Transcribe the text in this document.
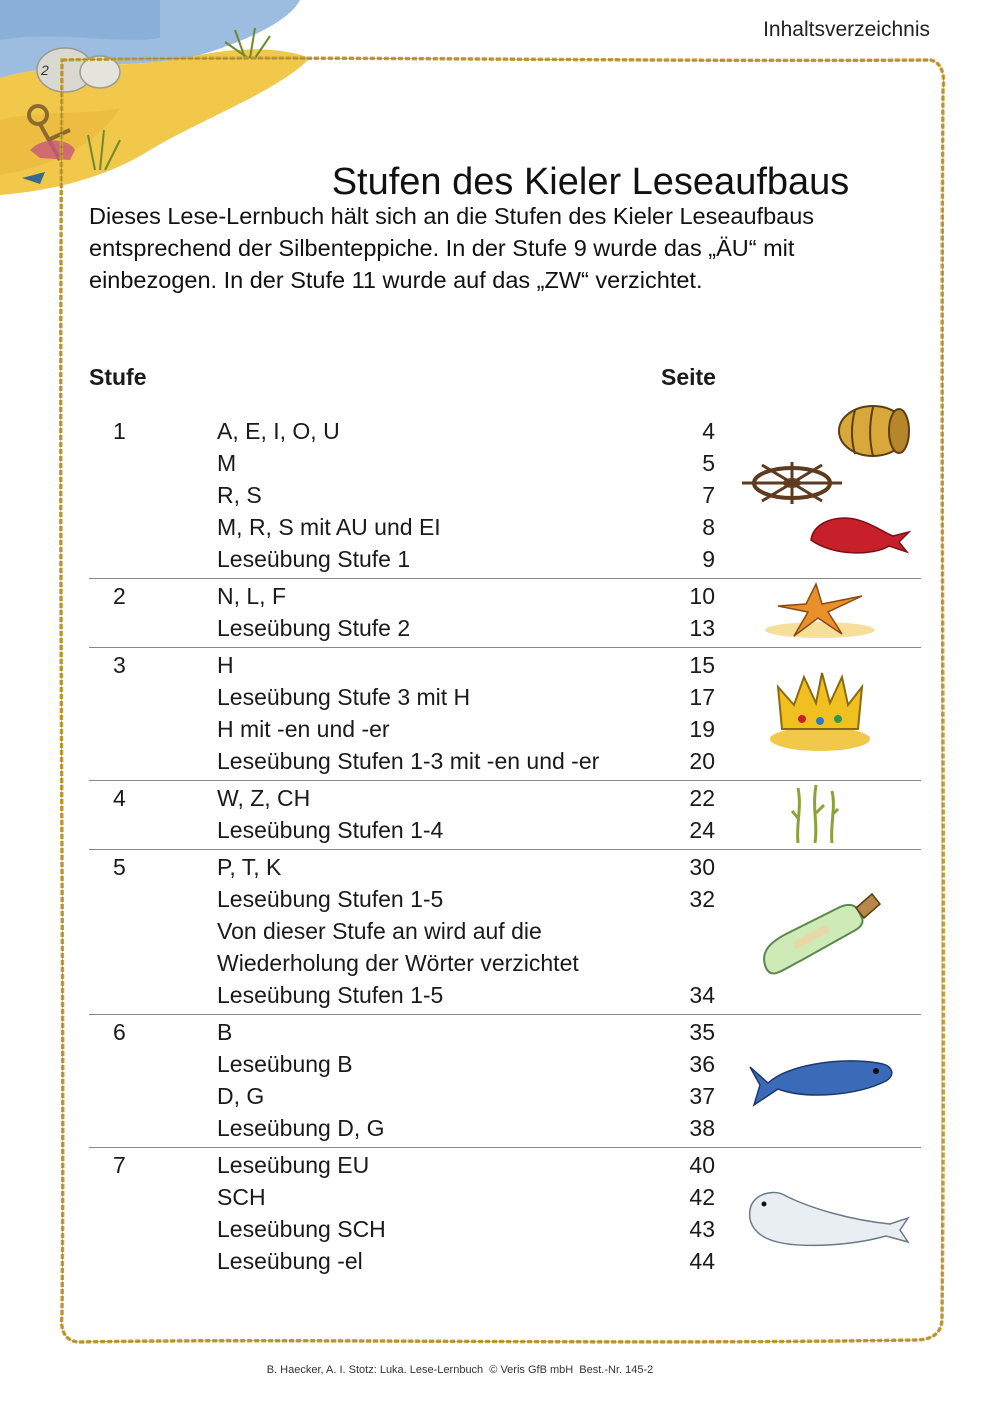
2
Inhaltsverzeichnis
Stufen des Kieler Leseaufbaus
Dieses Lese-Lernbuch hält sich an die Stufen des Kieler Leseaufbaus
entsprechend der Silbenteppiche. In der Stufe 9 wurde das „ÄU“ mit
einbezogen. In der Stufe 11 wurde auf das „ZW“ verzichtet.
Stufe	Seite
1	A, E, I, O, U	4
M	5
R, S	7
M, R, S mit AU und EI	8
Leseübung Stufe 1	9
2	N, L, F	10
Leseübung Stufe 2	13
3	H	15
Leseübung Stufe 3 mit H	17
H mit -en und -er	19
Leseübung Stufen 1-3 mit -en und -er	20
4	W, Z, CH	22
Leseübung Stufen 1-4	24
5	P, T, K	30
Leseübung Stufen 1-5	32
Von dieser Stufe an wird auf die
Wiederholung der Wörter verzichtet
Leseübung Stufen 1-5	34
6	B	35
Leseübung B	36
D, G	37
Leseübung D, G	38
7	Leseübung EU	40
SCH	42
Leseübung SCH	43
Leseübung -el	44
B. Haecker, A. I. Stotz: Luka. Lese-Lernbuch  © Veris GfB mbH  Best.-Nr. 145-2
